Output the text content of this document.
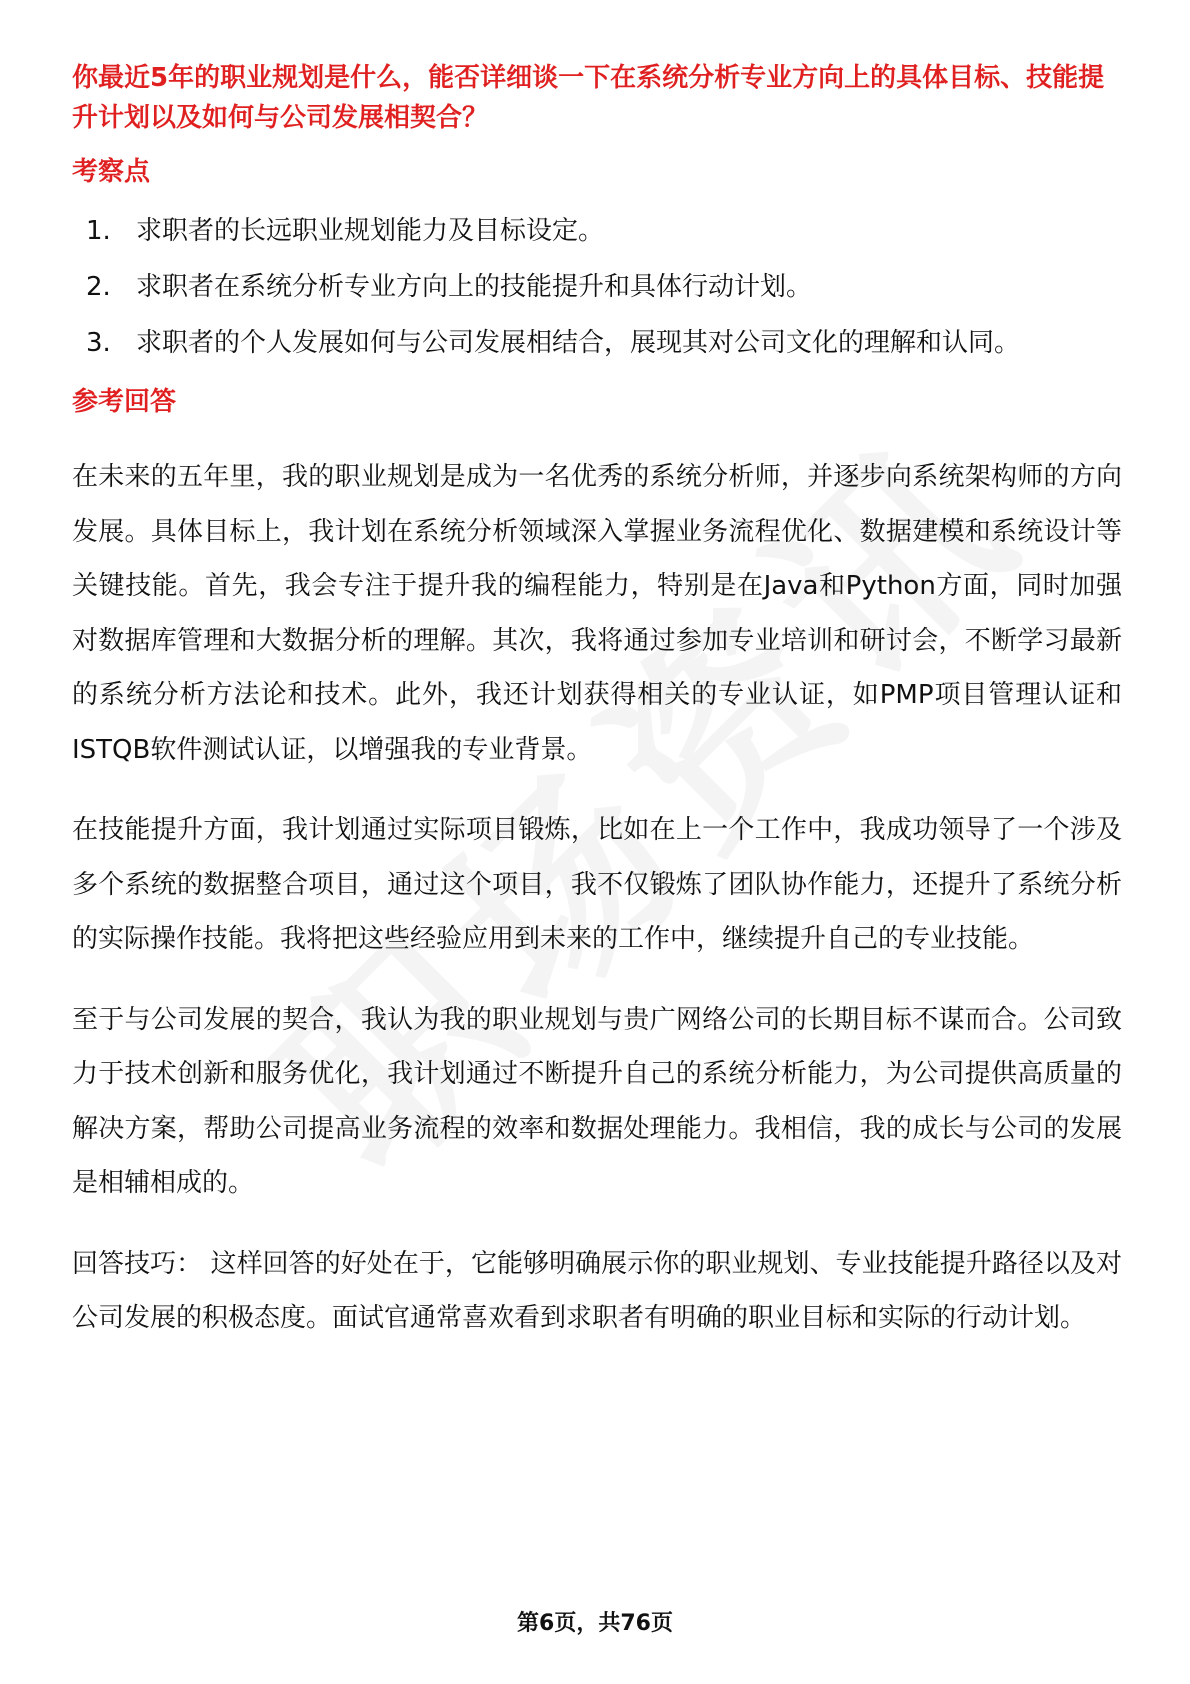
你最近5年的职业规划是什么，能否详细谈一下在系统分析专业方向上的具体目标、技能提升计划以及如何与公司发展相契合？

考察点
1. 求职者的长远职业规划能力及目标设定。
2. 求职者在系统分析专业方向上的技能提升和具体行动计划。
3. 求职者的个人发展如何与公司发展相结合，展现其对公司文化的理解和认同。
参考回答

在未来的五年里，我的职业规划是成为一名优秀的系统分析师，并逐步向系统架构师的方向发展。具体目标上，我计划在系统分析领域深入掌握业务流程优化、数据建模和系统设计等关键技能。首先，我会专注于提升我的编程能力，特别是在Java和Python方面，同时加强对数据库管理和大数据分析的理解。其次，我将通过参加专业培训和研讨会，不断学习最新的系统分析方法论和技术。此外，我还计划获得相关的专业认证，如PMP项目管理认证和ISTQB软件测试认证，以增强我的专业背景。

在技能提升方面，我计划通过实际项目锻炼，比如在上一个工作中，我成功领导了一个涉及多个系统的数据整合项目，通过这个项目，我不仅锻炼了团队协作能力，还提升了系统分析的实际操作技能。我将把这些经验应用到未来的工作中，继续提升自己的专业技能。

至于与公司发展的契合，我认为我的职业规划与贵广网络公司的长期目标不谋而合。公司致力于技术创新和服务优化，我计划通过不断提升自己的系统分析能力，为公司提供高质量的解决方案，帮助公司提高业务流程的效率和数据处理能力。我相信，我的成长与公司的发展是相辅相成的。

回答技巧： 这样回答的好处在于，它能够明确展示你的职业规划、专业技能提升路径以及对公司发展的积极态度。面试官通常喜欢看到求职者有明确的职业目标和实际的行动计划。

第6页，共76页
